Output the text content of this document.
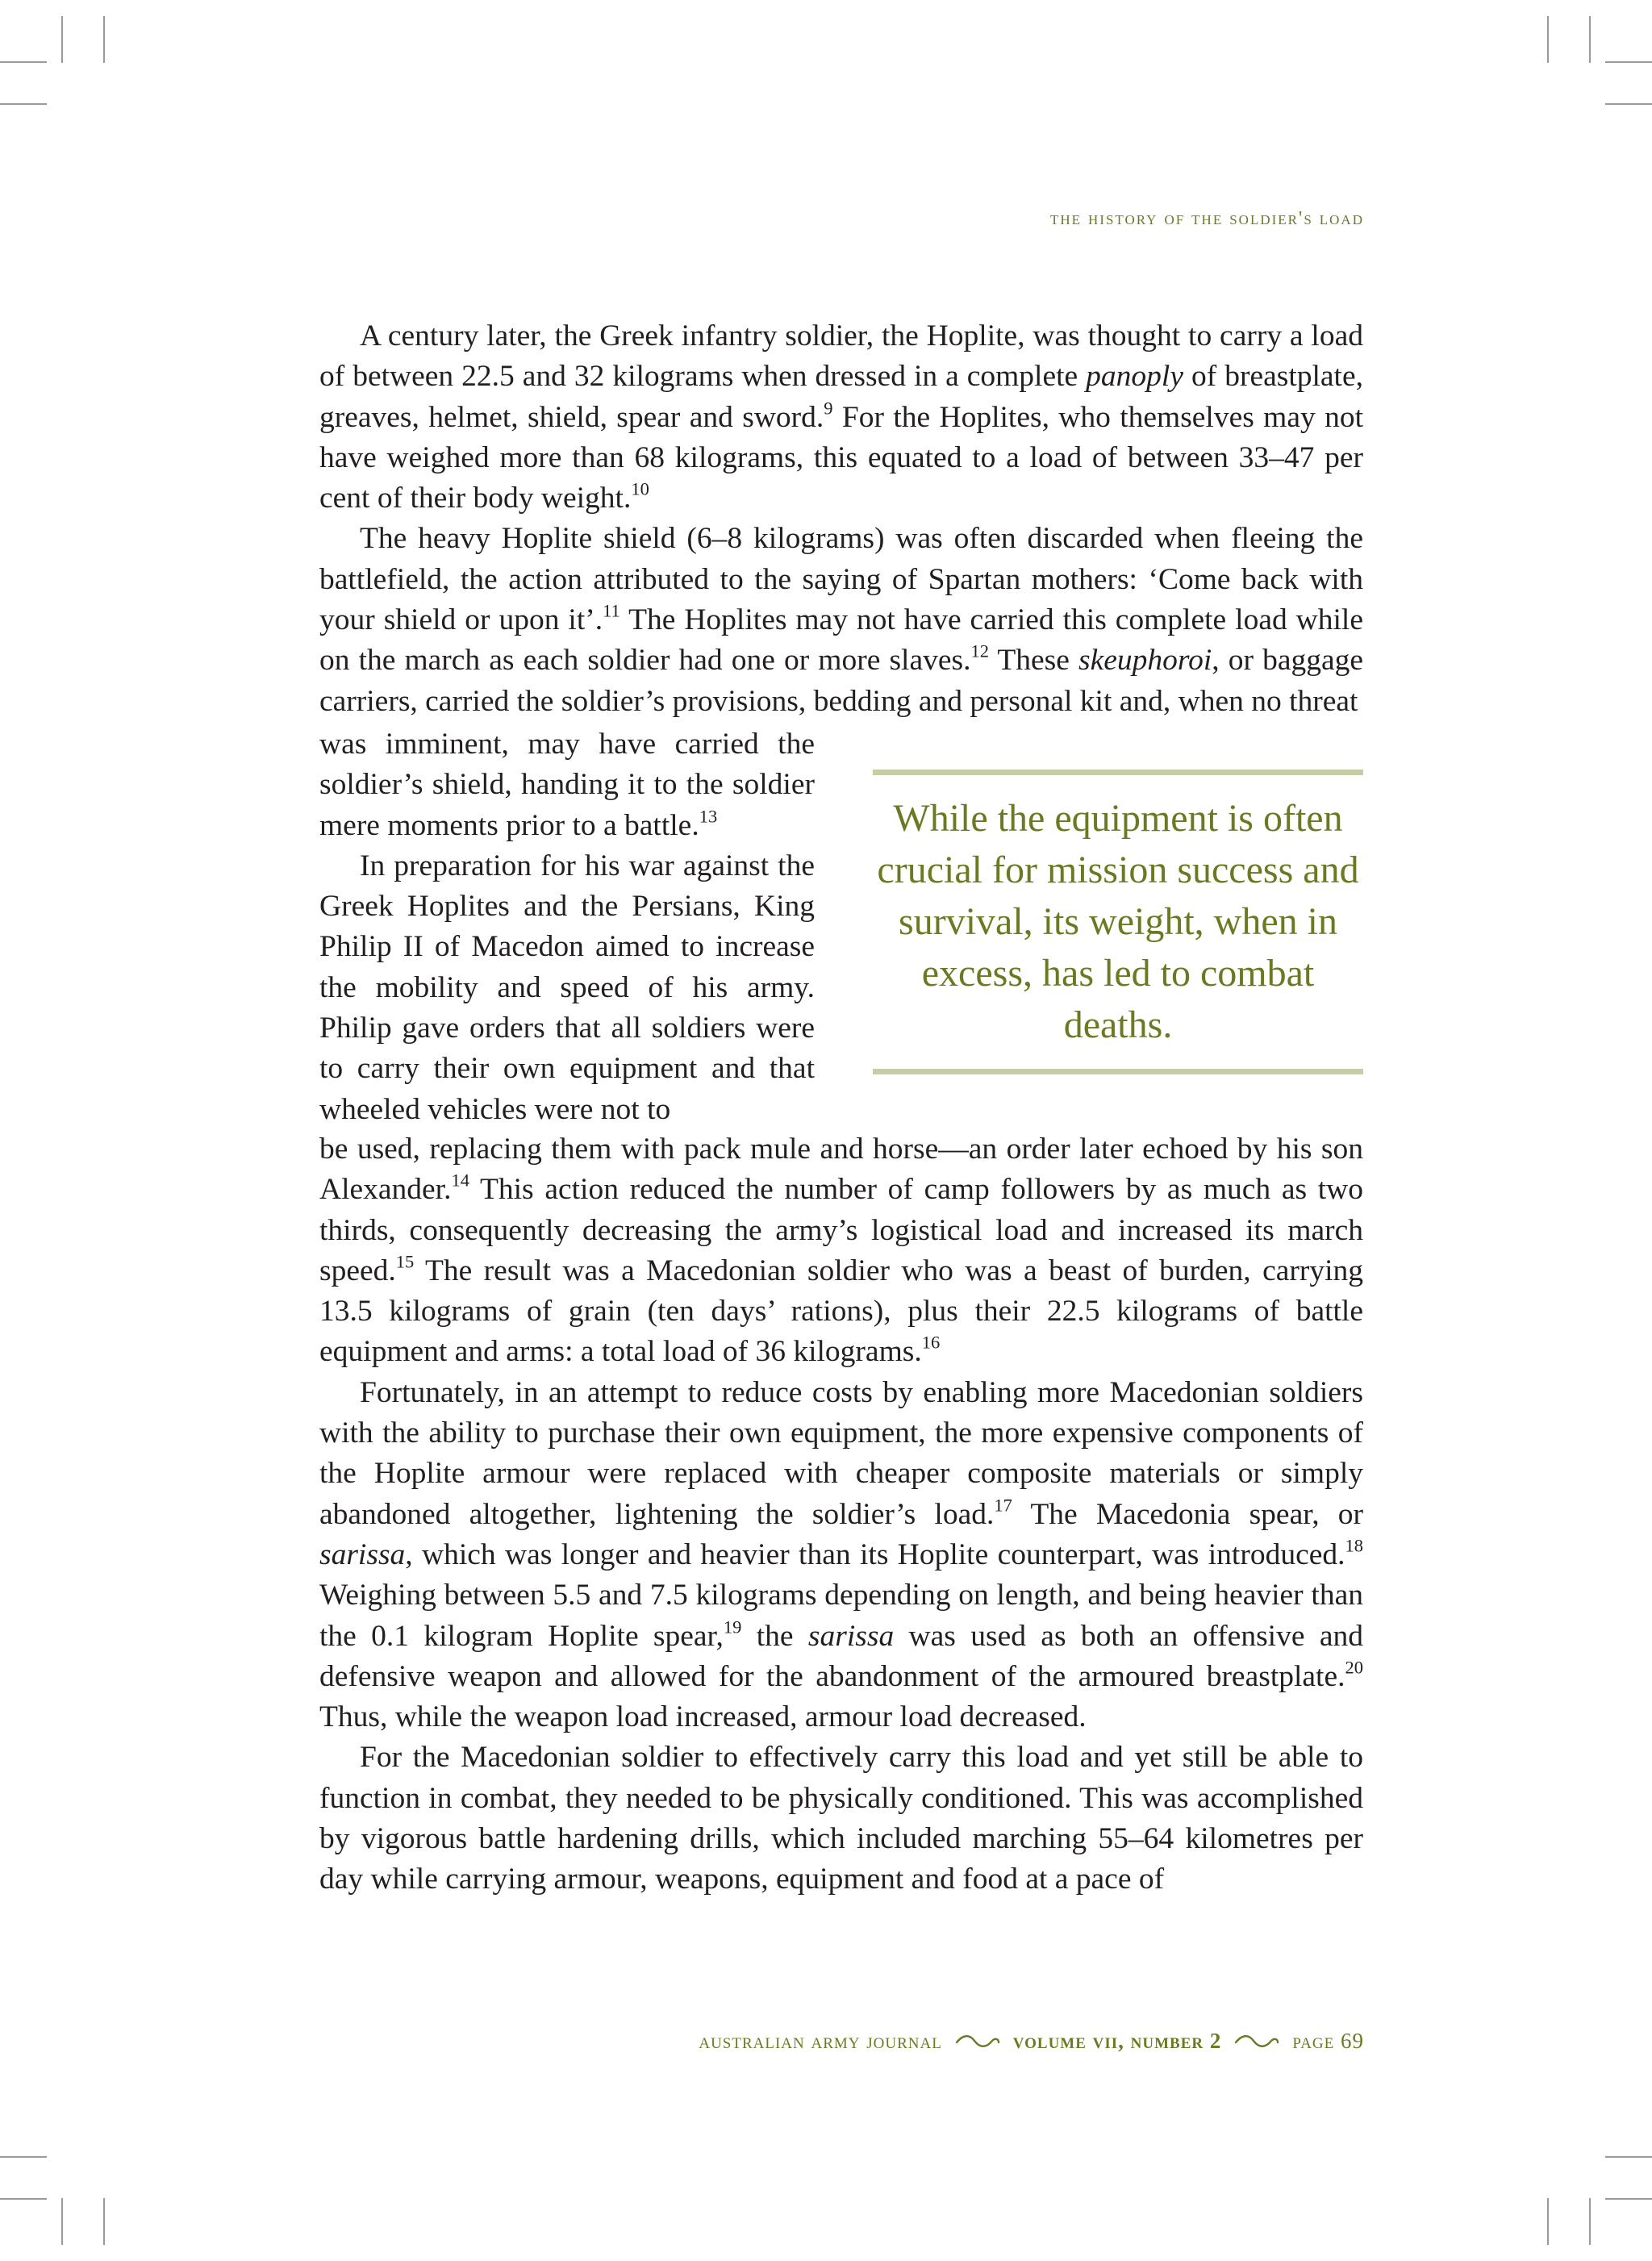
the history of the soldier's load

A century later, the Greek infantry soldier, the Hoplite, was thought to carry a load of between 22.5 and 32 kilograms when dressed in a complete panoply of breastplate, greaves, helmet, shield, spear and sword.$^9$ For the Hoplites, who themselves may not have weighed more than 68 kilograms, this equated to a load of between 33–47 per cent of their body weight.$^{10}$

The heavy Hoplite shield (6–8 kilograms) was often discarded when fleeing the battlefield, the action attributed to the saying of Spartan mothers: ‘Come back with your shield or upon it’.$^{11}$ The Hoplites may not have carried this complete load while on the march as each soldier had one or more slaves.$^{12}$ These skeuphoroi, or baggage carriers, carried the soldier’s provisions, bedding and personal kit and, when no threat

was imminent, may have carried the soldier’s shield, handing it to the soldier mere moments prior to a battle.$^{13}$

In preparation for his war against the Greek Hoplites and the Persians, King Philip II of Macedon aimed to increase the mobility and speed of his army. Philip gave orders that all soldiers were to carry their own equipment and that wheeled vehicles were not to

While the equipment is often
crucial for mission success and
survival, its weight, when in
excess, has led to combat deaths.

be used, replacing them with pack mule and horse—an order later echoed by his son Alexander.$^{14}$ This action reduced the number of camp followers by as much as two thirds, consequently decreasing the army’s logistical load and increased its march speed.$^{15}$ The result was a Macedonian soldier who was a beast of burden, carrying 13.5 kilograms of grain (ten days’ rations), plus their 22.5 kilograms of battle equipment and arms: a total load of 36 kilograms.$^{16}$

Fortunately, in an attempt to reduce costs by enabling more Macedonian soldiers with the ability to purchase their own equipment, the more expensive components of the Hoplite armour were replaced with cheaper composite materials or simply abandoned altogether, lightening the soldier’s load.$^{17}$ The Macedonia spear, or sarissa, which was longer and heavier than its Hoplite counterpart, was introduced.$^{18}$ Weighing between 5.5 and 7.5 kilograms depending on length, and being heavier than the 0.1 kilogram Hoplite spear,$^{19}$ the sarissa was used as both an offensive and defensive weapon and allowed for the abandonment of the armoured breastplate.$^{20}$ Thus, while the weapon load increased, armour load decreased.

For the Macedonian soldier to effectively carry this load and yet still be able to function in combat, they needed to be physically conditioned. This was accomplished by vigorous battle hardening drills, which included marching 55–64 kilometres per day while carrying armour, weapons, equipment and food at a pace of

australian army journal	volume vii, number 2	page 69
